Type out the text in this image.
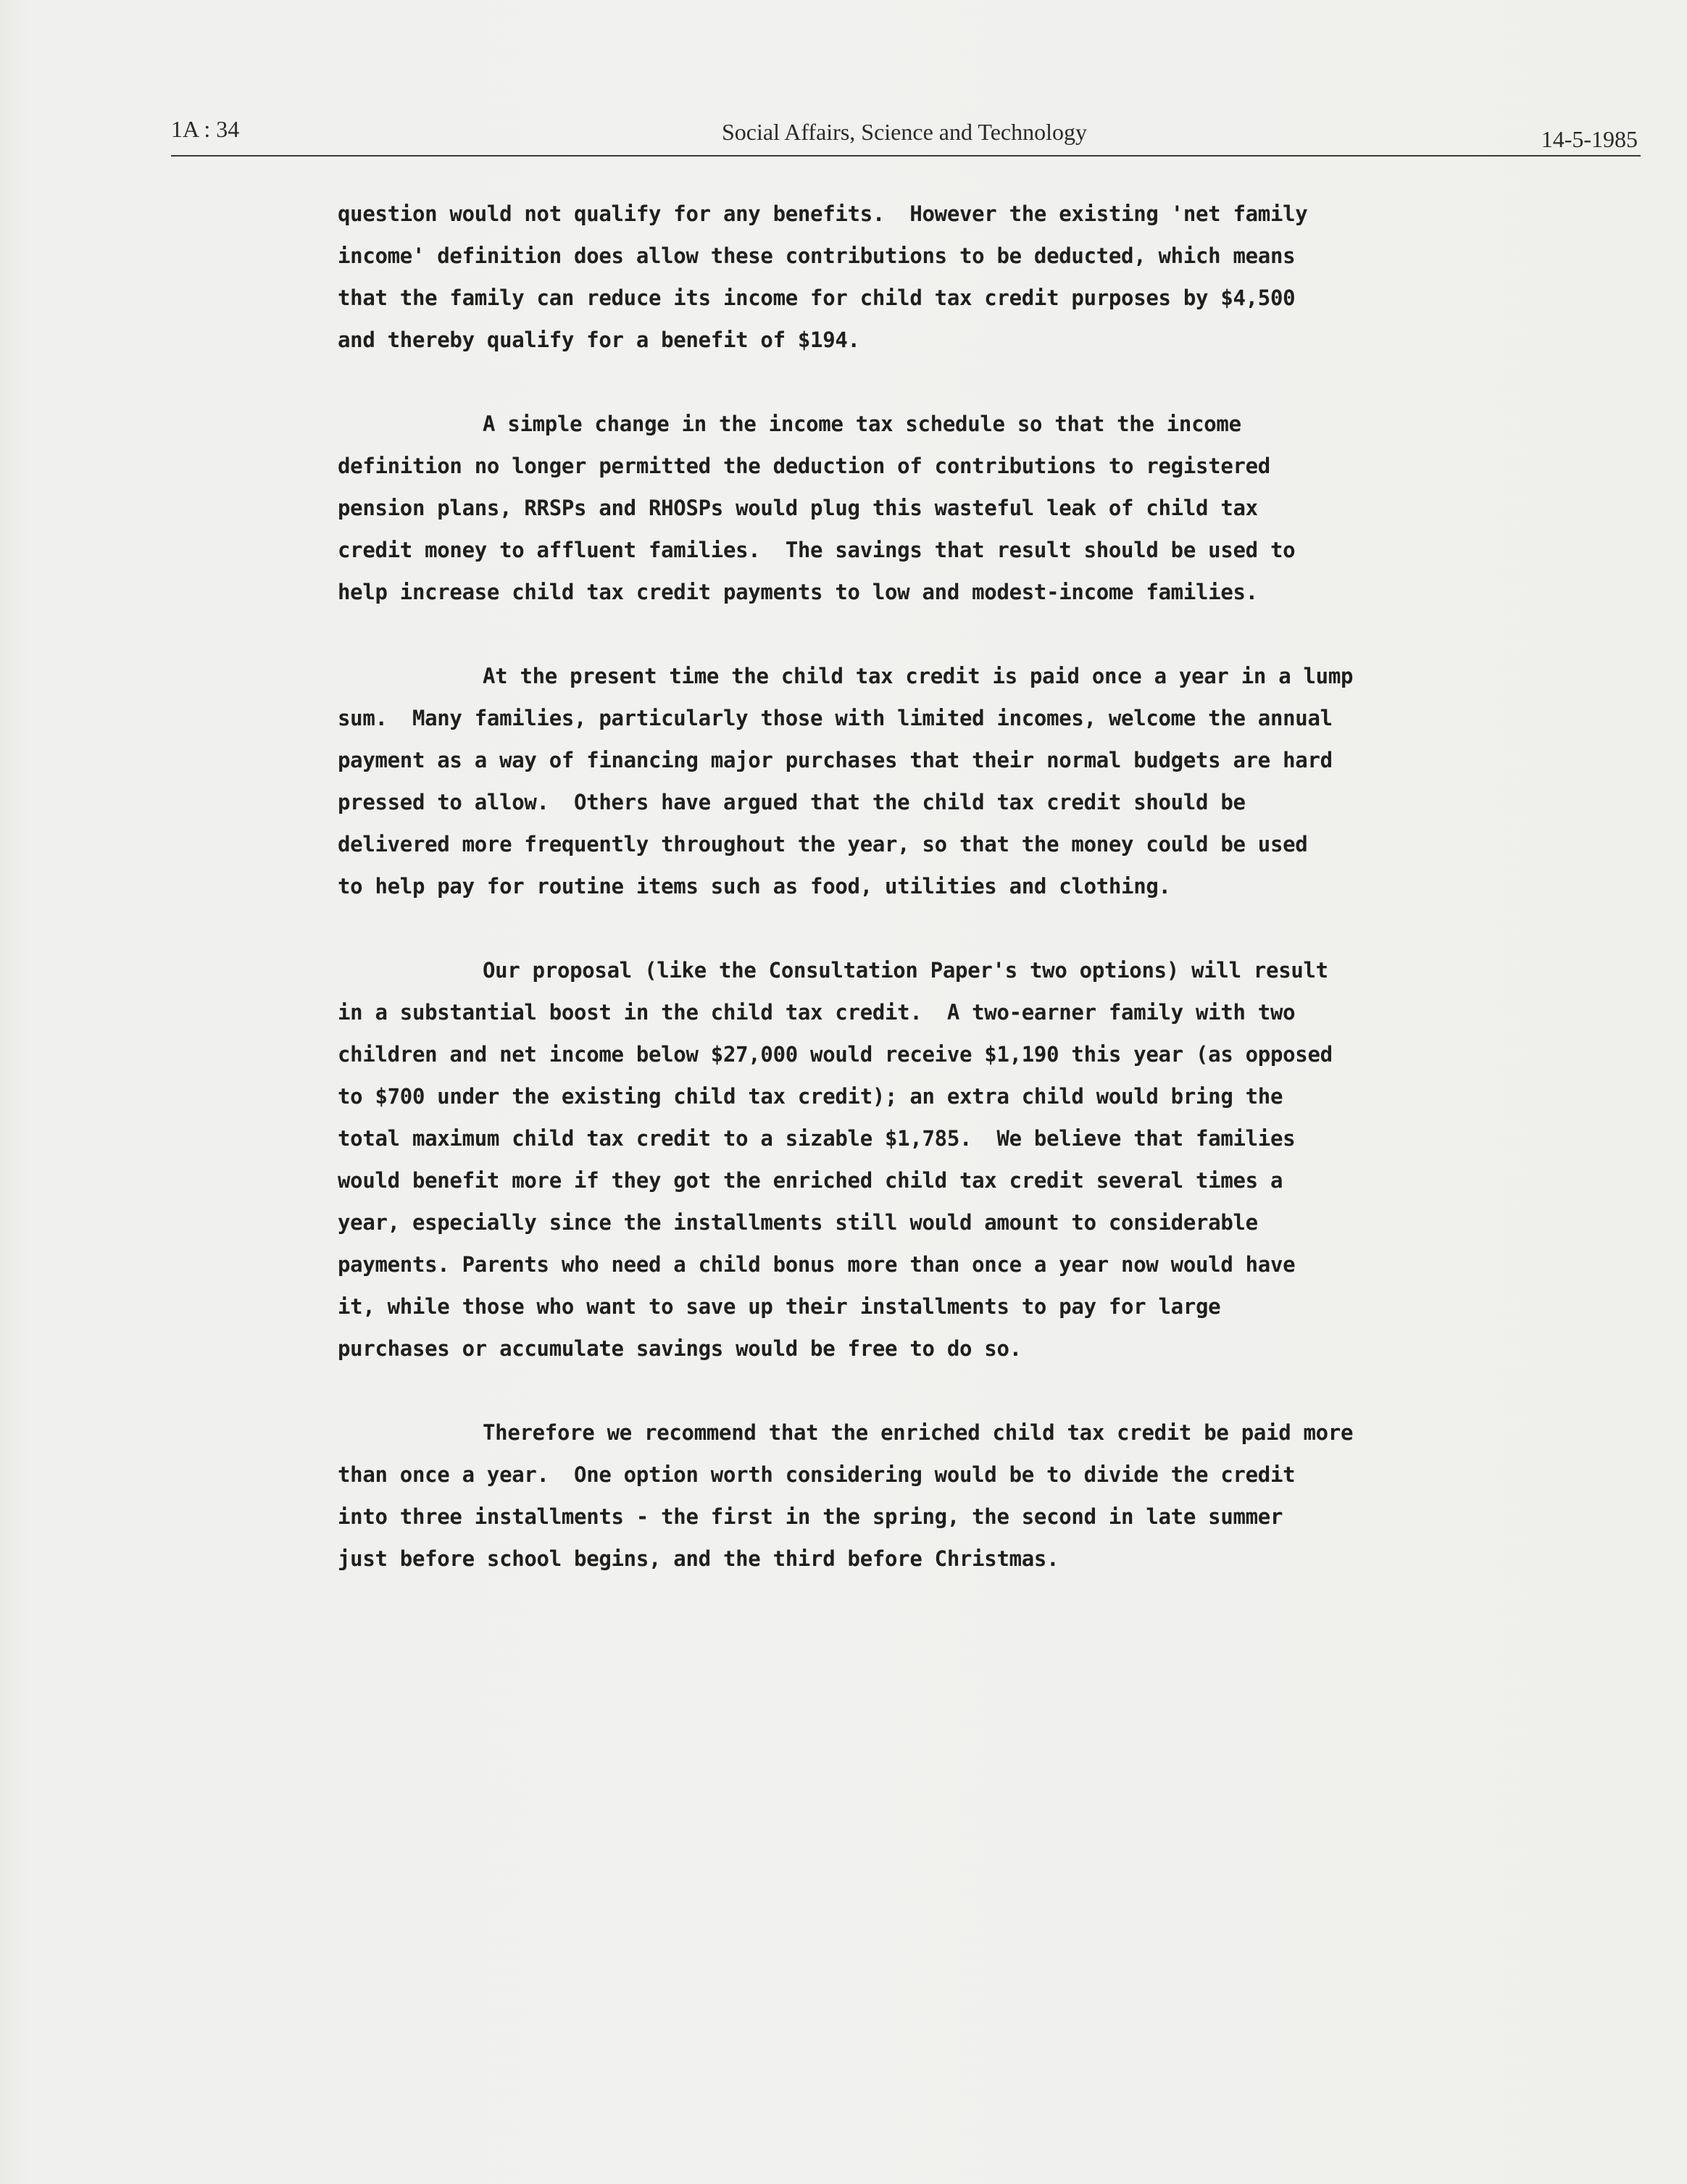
1A : 34	Social Affairs, Science and Technology	14-5-1985

question would not qualify for any benefits.  However the existing 'net family
income' definition does allow these contributions to be deducted, which means
that the family can reduce its income for child tax credit purposes by $4,500
and thereby qualify for a benefit of $194.

A simple change in the income tax schedule so that the income
definition no longer permitted the deduction of contributions to registered
pension plans, RRSPs and RHOSPs would plug this wasteful leak of child tax
credit money to affluent families.  The savings that result should be used to
help increase child tax credit payments to low and modest-income families.

At the present time the child tax credit is paid once a year in a lump
sum.  Many families, particularly those with limited incomes, welcome the annual
payment as a way of financing major purchases that their normal budgets are hard
pressed to allow.  Others have argued that the child tax credit should be
delivered more frequently throughout the year, so that the money could be used
to help pay for routine items such as food, utilities and clothing.

Our proposal (like the Consultation Paper's two options) will result
in a substantial boost in the child tax credit.  A two-earner family with two
children and net income below $27,000 would receive $1,190 this year (as opposed
to $700 under the existing child tax credit); an extra child would bring the
total maximum child tax credit to a sizable $1,785.  We believe that families
would benefit more if they got the enriched child tax credit several times a
year, especially since the installments still would amount to considerable
payments. Parents who need a child bonus more than once a year now would have
it, while those who want to save up their installments to pay for large
purchases or accumulate savings would be free to do so.

Therefore we recommend that the enriched child tax credit be paid more
than once a year.  One option worth considering would be to divide the credit
into three installments - the first in the spring, the second in late summer
just before school begins, and the third before Christmas.
